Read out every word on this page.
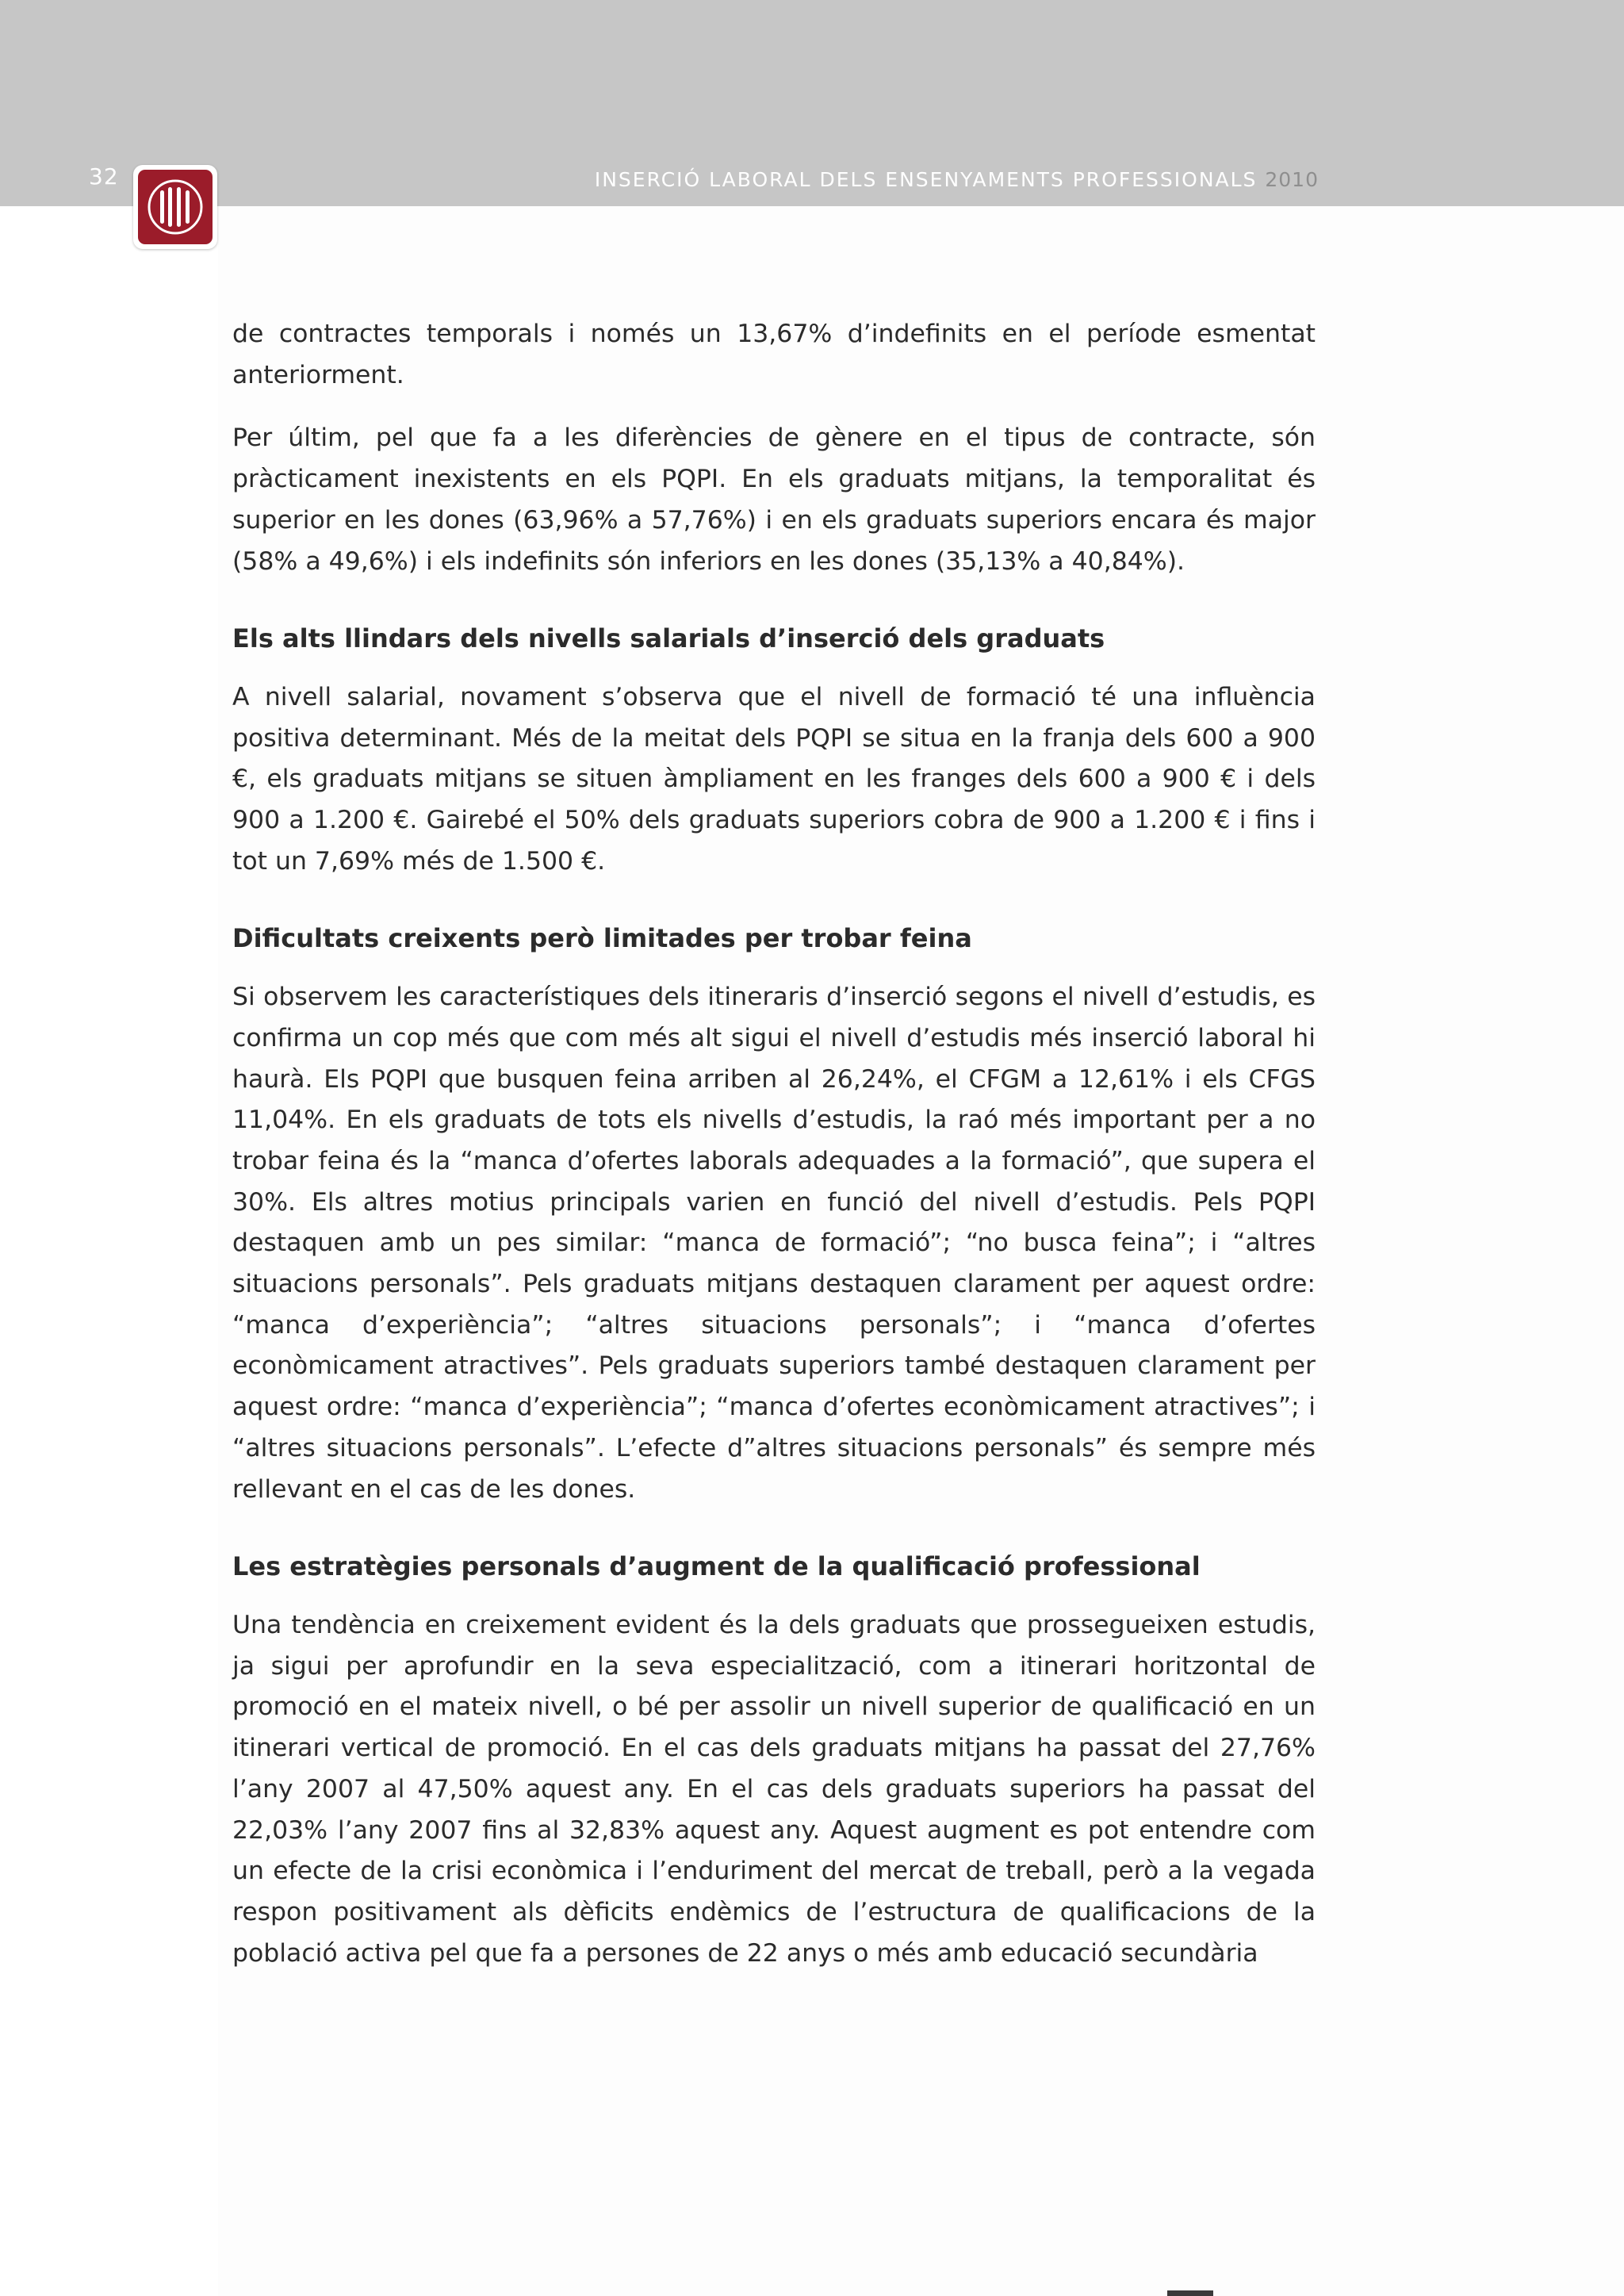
32	INSERCIÓ LABORAL DELS ENSENYAMENTS PROFESSIONALS 2010

de contractes temporals i només un 13,67% d’indefinits en el període esmentat anteriorment.

Per últim, pel que fa a les diferències de gènere en el tipus de contracte, són pràcticament inexistents en els PQPI. En els graduats mitjans, la temporalitat és superior en les dones (63,96% a 57,76%) i en els graduats superiors encara és major (58% a 49,6%) i els indefinits són inferiors en les dones (35,13% a 40,84%).

Els alts llindars dels nivells salarials d’inserció dels graduats

A nivell salarial, novament s’observa que el nivell de formació té una influència positiva determinant. Més de la meitat dels PQPI se situa en la franja dels 600 a 900 €, els graduats mitjans se situen àmpliament en les franges dels 600 a 900 € i dels 900 a 1.200 €. Gairebé el 50% dels graduats superiors cobra de 900 a 1.200 € i fins i tot un 7,69% més de 1.500 €.

Dificultats creixents però limitades per trobar feina

Si observem les característiques dels itineraris d’inserció segons el nivell d’estudis, es confirma un cop més que com més alt sigui el nivell d’estudis més inserció laboral hi haurà. Els PQPI que busquen feina arriben al 26,24%, el CFGM a 12,61% i els CFGS 11,04%. En els graduats de tots els nivells d’estudis, la raó més important per a no trobar feina és la “manca d’ofertes laborals adequades a la formació”, que supera el 30%. Els altres motius principals varien en funció del nivell d’estudis. Pels PQPI destaquen amb un pes similar: “manca de formació”; “no busca feina”; i “altres situacions personals”. Pels graduats mitjans destaquen clarament per aquest ordre: “manca d’experiència”; “altres situacions personals”; i “manca d’ofertes econòmicament atractives”. Pels graduats superiors també destaquen clarament per aquest ordre: “manca d’experiència”; “manca d’ofertes econòmicament atractives”; i “altres situacions personals”. L’efecte d”altres situacions personals” és sempre més rellevant en el cas de les dones.

Les estratègies personals d’augment de la qualificació professional

Una tendència en creixement evident és la dels graduats que prossegueixen estudis, ja sigui per aprofundir en la seva especialització, com a itinerari horitzontal de promoció en el mateix nivell, o bé per assolir un nivell superior de qualificació en un itinerari vertical de promoció. En el cas dels graduats mitjans ha passat del 27,76% l’any 2007 al 47,50% aquest any. En el cas dels graduats superiors ha passat del 22,03% l’any 2007 fins al 32,83% aquest any. Aquest augment es pot entendre com un efecte de la crisi econòmica i l’enduriment del mercat de treball, però a la vegada respon positivament als dèficits endèmics de l’estructura de qualificacions de la població activa pel que fa a persones de 22 anys o més amb educació secundària
